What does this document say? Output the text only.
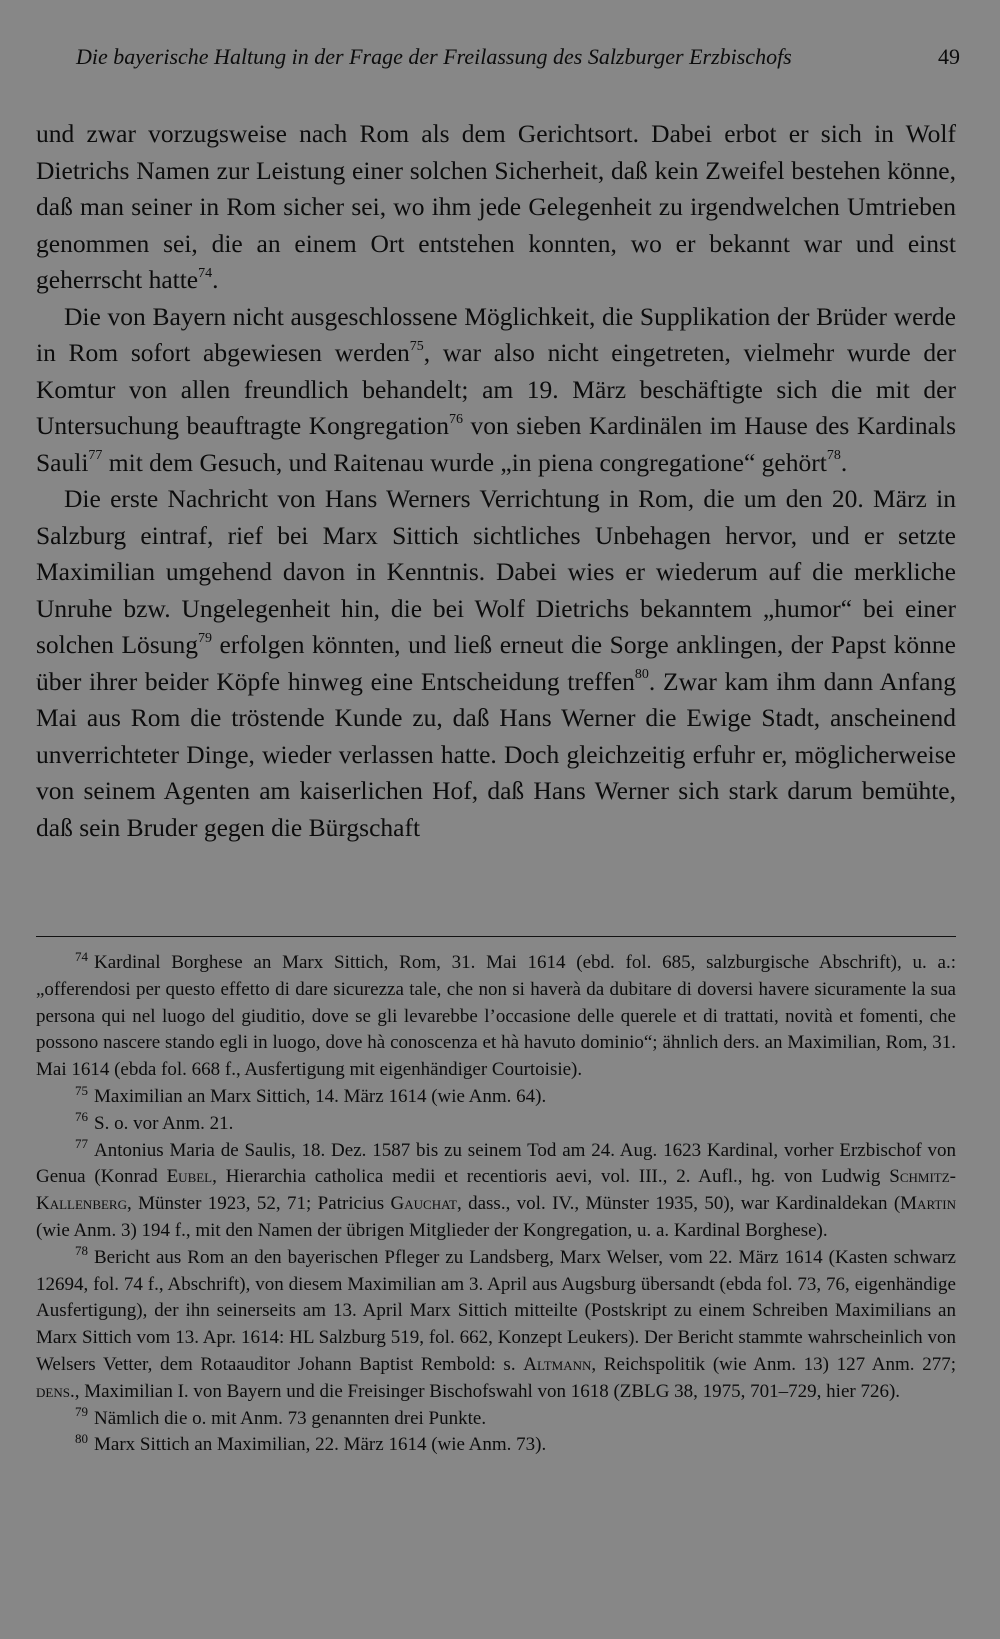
Die bayerische Haltung in der Frage der Freilassung des Salzburger Erzbischofs	49

und zwar vorzugsweise nach Rom als dem Gerichtsort. Dabei erbot er sich in Wolf Dietrichs Namen zur Leistung einer solchen Sicherheit, daß kein Zweifel bestehen könne, daß man seiner in Rom sicher sei, wo ihm jede Gelegenheit zu irgendwelchen Umtrieben genommen sei, die an einem Ort entstehen konnten, wo er bekannt war und einst geherrscht hatte$^{74}$.

Die von Bayern nicht ausgeschlossene Möglichkeit, die Supplikation der Brüder werde in Rom sofort abgewiesen werden$^{75}$, war also nicht eingetreten, vielmehr wurde der Komtur von allen freundlich behandelt; am 19. März beschäftigte sich die mit der Untersuchung beauftragte Kongregation$^{76}$ von sieben Kardinälen im Hause des Kardinals Sauli$^{77}$ mit dem Gesuch, und Raitenau wurde „in piena congregatione“ gehört$^{78}$.

Die erste Nachricht von Hans Werners Verrichtung in Rom, die um den 20. März in Salzburg eintraf, rief bei Marx Sittich sichtliches Unbehagen hervor, und er setzte Maximilian umgehend davon in Kenntnis. Dabei wies er wiederum auf die merkliche Unruhe bzw. Ungelegenheit hin, die bei Wolf Dietrichs bekanntem „humor“ bei einer solchen Lösung$^{79}$ erfolgen könnten, und ließ erneut die Sorge anklingen, der Papst könne über ihrer beider Köpfe hinweg eine Entscheidung treffen$^{80}$. Zwar kam ihm dann Anfang Mai aus Rom die tröstende Kunde zu, daß Hans Werner die Ewige Stadt, anscheinend unverrichteter Dinge, wieder verlassen hatte. Doch gleichzeitig erfuhr er, möglicherweise von seinem Agenten am kaiserlichen Hof, daß Hans Werner sich stark darum bemühte, daß sein Bruder gegen die Bürgschaft

74 Kardinal Borghese an Marx Sittich, Rom, 31. Mai 1614 (ebd. fol. 685, salzburgische Abschrift), u. a.: „offerendosi per questo effetto di dare sicurezza tale, che non si haverà da dubitare di doversi havere sicuramente la sua persona qui nel luogo del giuditio, dove se gli levarebbe l’occasione delle querele et di trattati, novità et fomenti, che possono nascere stando egli in luogo, dove hà conoscenza et hà havuto dominio“; ähnlich ders. an Maximilian, Rom, 31. Mai 1614 (ebda fol. 668 f., Ausfertigung mit eigenhändiger Courtoisie).

75 Maximilian an Marx Sittich, 14. März 1614 (wie Anm. 64).

76 S. o. vor Anm. 21.

77 Antonius Maria de Saulis, 18. Dez. 1587 bis zu seinem Tod am 24. Aug. 1623 Kardinal, vorher Erzbischof von Genua (Konrad Eubel, Hierarchia catholica medii et recentioris aevi, vol. III., 2. Aufl., hg. von Ludwig Schmitz-Kallenberg, Münster 1923, 52, 71; Patricius Gauchat, dass., vol. IV., Münster 1935, 50), war Kardinaldekan (Martin (wie Anm. 3) 194 f., mit den Namen der übrigen Mitglieder der Kongregation, u. a. Kardinal Borghese).

78 Bericht aus Rom an den bayerischen Pfleger zu Landsberg, Marx Welser, vom 22. März 1614 (Kasten schwarz 12694, fol. 74 f., Abschrift), von diesem Maximilian am 3. April aus Augsburg übersandt (ebda fol. 73, 76, eigenhändige Ausfertigung), der ihn seinerseits am 13. April Marx Sittich mitteilte (Postskript zu einem Schreiben Maximilians an Marx Sittich vom 13. Apr. 1614: HL Salzburg 519, fol. 662, Konzept Leukers). Der Bericht stammte wahrscheinlich von Welsers Vetter, dem Rotaauditor Johann Baptist Rembold: s. Altmann, Reichspolitik (wie Anm. 13) 127 Anm. 277; dens., Maximilian I. von Bayern und die Freisinger Bischofswahl von 1618 (ZBLG 38, 1975, 701–729, hier 726).

79 Nämlich die o. mit Anm. 73 genannten drei Punkte.

80 Marx Sittich an Maximilian, 22. März 1614 (wie Anm. 73).
